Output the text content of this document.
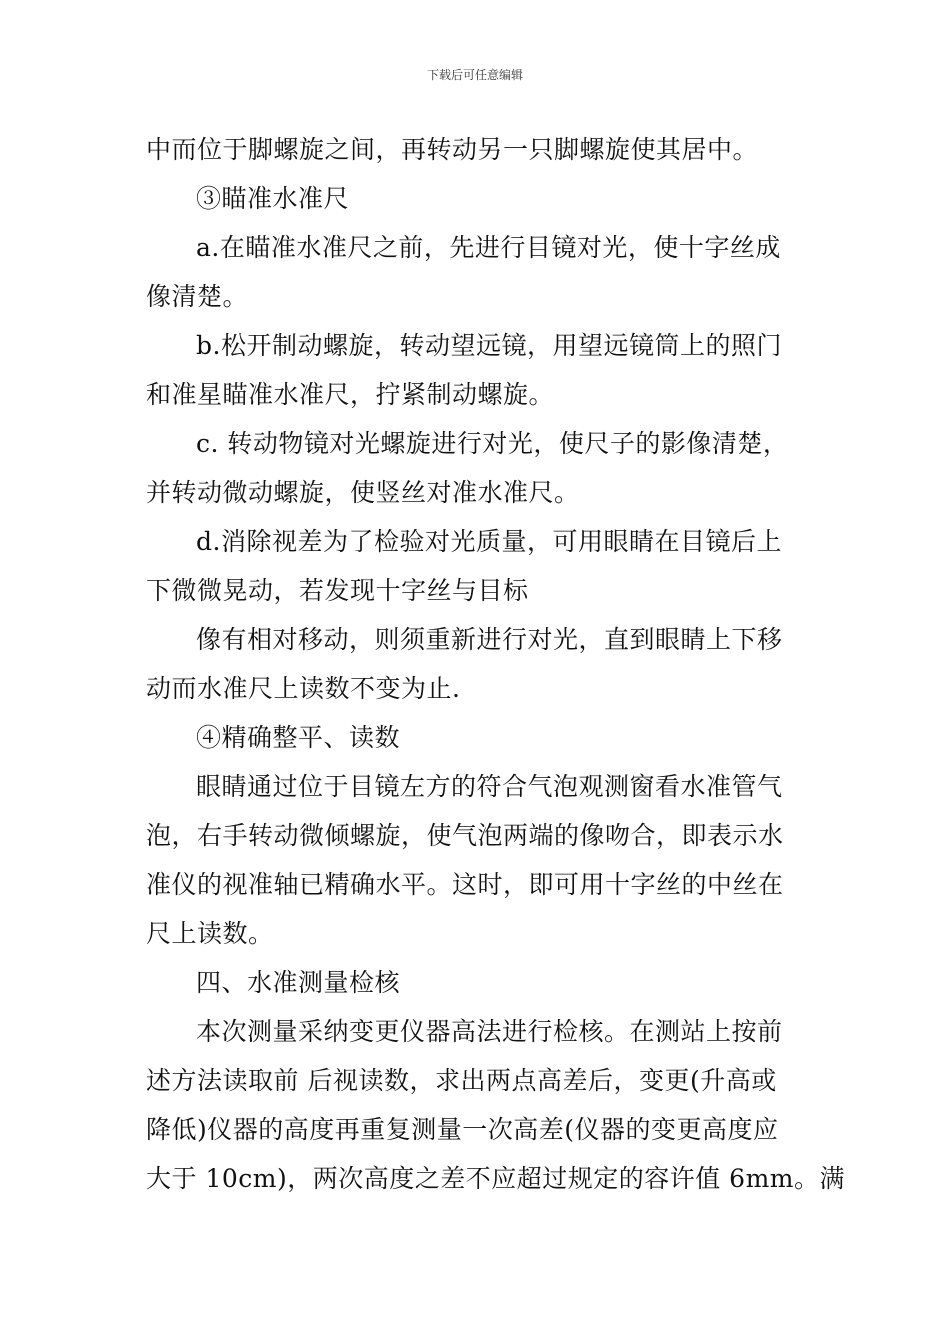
下载后可任意编辑
中而位于脚螺旋之间，再转动另一只脚螺旋使其居中。
③瞄准水准尺
a.在瞄准水准尺之前，先进行目镜对光，使十字丝成
像清楚。
b.松开制动螺旋，转动望远镜，用望远镜筒上的照门
和准星瞄准水准尺，拧紧制动螺旋。
c. 转动物镜对光螺旋进行对光，使尺子的影像清楚，
并转动微动螺旋，使竖丝对准水准尺。
d.消除视差为了检验对光质量，可用眼睛在目镜后上
下微微晃动，若发现十字丝与目标
像有相对移动，则须重新进行对光，直到眼睛上下移
动而水准尺上读数不变为止.
④精确整平、读数
眼睛通过位于目镜左方的符合气泡观测窗看水准管气
泡，右手转动微倾螺旋，使气泡两端的像吻合，即表示水
准仪的视准轴已精确水平。这时，即可用十字丝的中丝在
尺上读数。
四、水准测量检核
本次测量采纳变更仪器高法进行检核。在测站上按前
述方法读取前 后视读数，求出两点高差后，变更(升高或
降低)仪器的高度再重复测量一次高差(仪器的变更高度应
大于 10cm)，两次高度之差不应超过规定的容许值 6mm。满
